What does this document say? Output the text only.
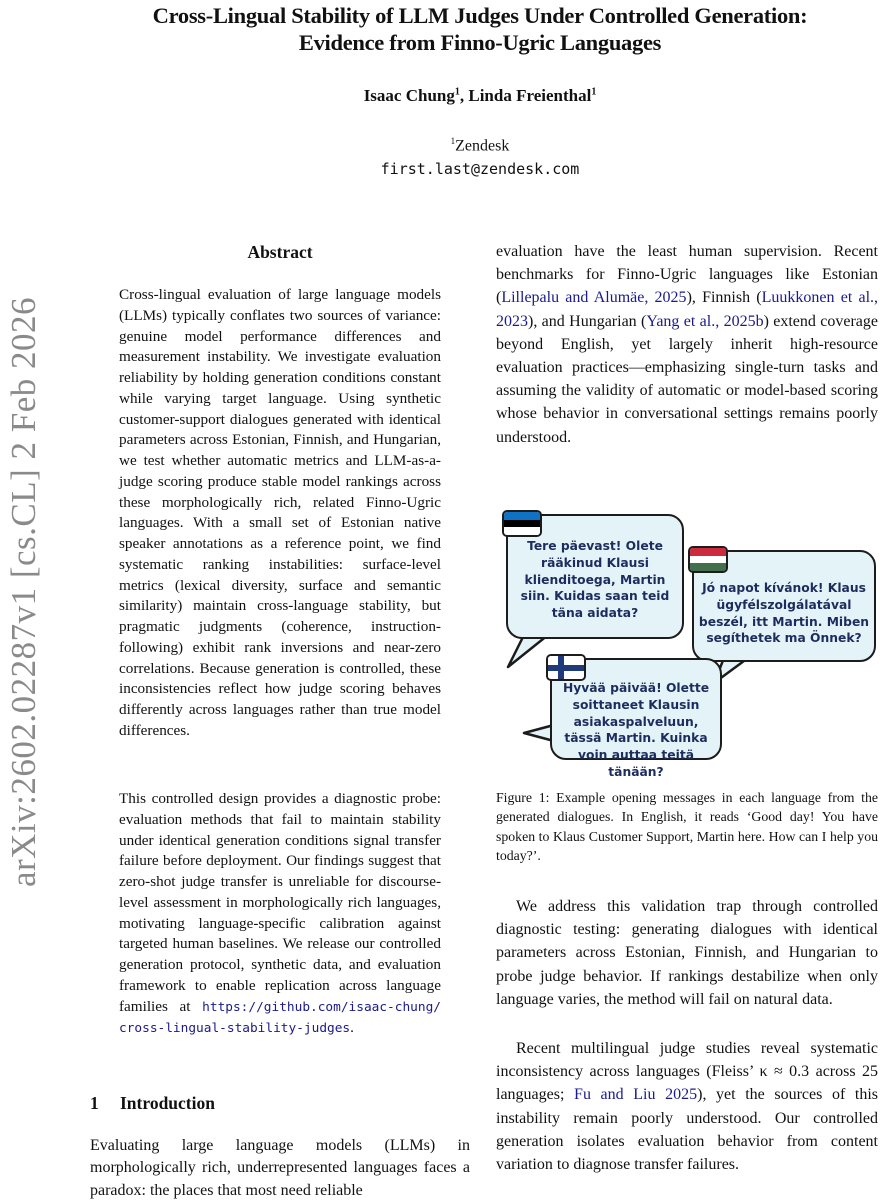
arXiv:2602.02287v1 [cs.CL] 2 Feb 2026
Cross-Lingual Stability of LLM Judges Under Controlled Generation:
Evidence from Finno-Ugric Languages
Isaac Chung$^1$, Linda Freienthal$^1$
$^1$Zendesk
first.last@zendesk.com
Abstract

Cross-lingual evaluation of large language models (LLMs) typically conflates two sources of variance: genuine model performance differences and measurement instability. We investigate evaluation reliability by holding generation conditions constant while varying target language. Using synthetic customer-support dialogues generated with identical parameters across Estonian, Finnish, and Hungarian, we test whether automatic metrics and LLM-as-a-judge scoring produce stable model rankings across these morphologically rich, related Finno-Ugric languages. With a small set of Estonian native speaker annotations as a reference point, we find systematic ranking instabilities: surface-level metrics (lexical diversity, surface and semantic similarity) maintain cross-language stability, but pragmatic judgments (coherence, instruction-following) exhibit rank inversions and near-zero correlations. Because generation is controlled, these inconsistencies reflect how judge scoring behaves differently across languages rather than true model differences.

This controlled design provides a diagnostic probe: evaluation methods that fail to maintain stability under identical generation conditions signal transfer failure before deployment. Our findings suggest that zero-shot judge transfer is unreliable for discourse-level assessment in morphologically rich languages, motivating language-specific calibration against targeted human baselines. We release our controlled generation protocol, synthetic data, and evaluation framework to enable replication across language families at https://github.com/isaac-chung/ cross-lingual-stability-judges.

1 Introduction

Evaluating large language models (LLMs) in morphologically rich, underrepresented languages faces a paradox: the places that most need reliable

evaluation have the least human supervision. Recent benchmarks for Finno-Ugric languages like Estonian (Lillepalu and Alumäe, 2025), Finnish (Luukkonen et al., 2023), and Hungarian (Yang et al., 2025b) extend coverage beyond English, yet largely inherit high-resource evaluation practices—emphasizing single-turn tasks and assuming the validity of automatic or model-based scoring whose behavior in conversational settings remains poorly understood.

Tere päevast! Olete rääkinud Klausi klienditoega, Martin siin. Kuidas saan teid täna aidata?
Jó napot kívánok! Klaus ügyfélszolgálatával beszél, itt Martin. Miben segíthetek ma Önnek?
Hyvää päivää! Olette soittaneet Klausin asiakaspalveluun, tässä Martin. Kuinka voin auttaa teitä tänään?

Figure 1: Example opening messages in each language from the generated dialogues. In English, it reads ‘Good day! You have spoken to Klaus Customer Support, Martin here. How can I help you today?’.

We address this validation trap through controlled diagnostic testing: generating dialogues with identical parameters across Estonian, Finnish, and Hungarian to probe judge behavior. If rankings destabilize when only language varies, the method will fail on natural data.

Recent multilingual judge studies reveal systematic inconsistency across languages (Fleiss’ κ ≈ 0.3 across 25 languages; Fu and Liu 2025), yet the sources of this instability remain poorly understood. Our controlled generation isolates evaluation behavior from content variation to diagnose transfer failures.
